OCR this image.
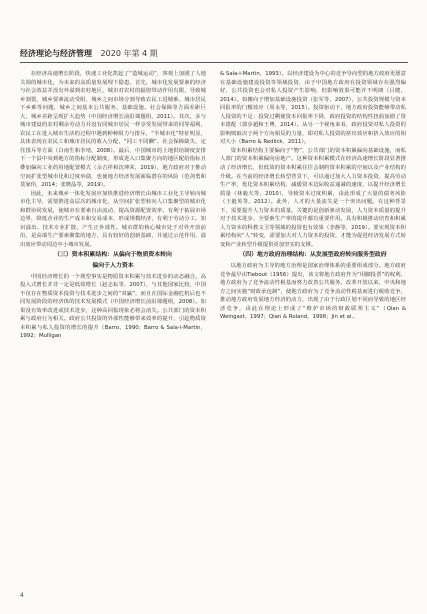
经济理论与经济管理 2020 年第 4 期

在经济高速增长阶段，快速工业化凯起了“造城运动”，客观上加剧了人地关调的城市化，为未来的高质量发展埋下隐患。首先，城市化发展要素的经济与社会效益并没有外溢到农村地区，城市对农村的辐射带动作用有限，导致城乡割裂，城乡要素流动受阻，城乡之间市场分割导致农民工进城难、城市居民下乡难等问题，城乡之间基本公共服务、基础设施、社会保障等方面差距巨大，城乡差距呈现扩大趋势（中国经济增长前沿课题组，2011）。其次，多与城市建设的农村剩余劳动力并没有同城市居民一样享受发展带来的同等福利，农民工在进入城市生活的过程中遇到种种阻力与排斥，“半城市化”特征明显，具体表现在农民工和城市居民的收入分配、“同工不同酬”、社会保障缺失、定住排斥等方面（白南生和李靖，2008）。最后，中国城市的土地供给制度安排下一个县中央到地方的指标分配制度，形成进入口集聚方向的地区配给指标且叠加偏向工业的用地配置模式（余吉祥和沈坤荣，2019），地方政府对于推动空间扩张型城市化和过度举债，也使地方经济发展面临潜在的风险（范剑勇和莫家伟，2014；张晓晶等，2019）。

因此，未来城乡一体化发展应加快推进经济增长由城市工业化主导转向城市化主导，需要推进高层次的城市化，从空间扩张型转向人口集聚型的城市化和群协同发展，使城市在要素自由流动，提高资源配置效率，有利于拓展市场边界，降低企业的生产成本和交易成本，形成规模经济，有利于劳动分工、知识溢出、技术专业扩散，产生正外部性。城市群的核心城市处于对外开放前沿，是高端生产要素聚集的地方，具有较好的创新基础，并通过示范作用、溢出效应带动周边中小城市发展。

（三）资本积累结构：从偏向于物质资本转向
偏向于人力资本

中国经济增长的一个典型事实是物质资本积累与技术进步的动态融合。高投入式增长并非一定是低效增长（赵志耘等，2007），与其他国家比较，中国不仅存在物质资本投资与技术进步之间的“双赢”，而且在国际金融危机后也不同发展阶段的经济体的技术发展模式（中国经济增长前沿课题组，2008）。如果没有效率改进或技术进步，这种高回报现象必将会消失。公共部门的资本积累与政府行为相关。政府公共投资的外部性能够带来效率的提升，引起物质资本积累与私人投资的增长的提升（Barro，1990；Barro & Sala-i-Martin，1992；Mulligan

& Sala-i-Martin，1993）。以经济建设为中心的竞争导向型的地方政府更愿意在基础设施建设投资等领域投资，由于中国地方政府在投资领域存在强烈偏好，公共投资也会对私人投资产生影响，但影响效果可能并不明朗（吕健，2014）。如摊向于增加基础设施投资（张军等，2007），公共投资规模与资本回报率的门槛效应（周永等，2015）。投资驱动下，地方政府投资能够带动私人投资的不足：投资过剩使资本回报率下降，政府投资的结构性扭曲加剧了资本错配（郭步超和王博，2014）。从另一个视角来看，政府投资对私人投资的影响则取决于两个方向相反的力量，即对私人投资的挤出效应和挤入效应的相对大小（Barro & Redlick，2011）。

资本积累结构主要偏向于“物”，公共部门的资本积累偏向基础设施，而私人部门的资本积累偏向房地产。这种资本积累模式在经济高速增长阶段显著推动了经济增长，但低效的资本积累往往会制约资本积累的空间以及产业结构的升级。在当前的经济增长转型背景下，可以通过加大人力资本投资，提高劳动生产率，优化资本积累结构，减缓资本边际收益递减的速度，以提升经济增长质量（林毅夫等，2010），导致资本过度积累，由此形成了大量的债务风险（王毅英等，2012）。此外，人才的大量流失是一个突出问题。在这种背景下，需要提升人力资本的质量。关键的是创新驱动发展，人力资本质量的提升对于技术进步、全要素生产率的提升都有重要作用。具有积极推动培育和积累人力资本的科教文卫等领域的投资也有效果（李静等，2019）。要实现资本积累结构向“人”转变，需要加大对人力资本的投资，才能为促进经济发展方式转变和产业转型升级提供更加坚实的支撑。

（四）地方政府治理结构：从发展型政府转向服务型政府

以地方政府为主导的地方治理是国家治理体系的重要组成部分。地方政府竞争最早由Tiebout（1956）提出，该文将地方政府作为“用脚投票”的权利，地方政府为了竞争流动性税基而努力改善公共服务。改革开放以来，中央和地方之间实施“财政承包制”，使地方政府为了竞争流动性税基而进行税收竞争，推动地方政府发展地方经济的动力，出现了由于行政区划不同而导致的地区经济竞争，由此在理论上形成了“维护市场的财政联邦主义”（Qian & Weingast，1997；Qian & Roland，1998；Jin et al.，

4
